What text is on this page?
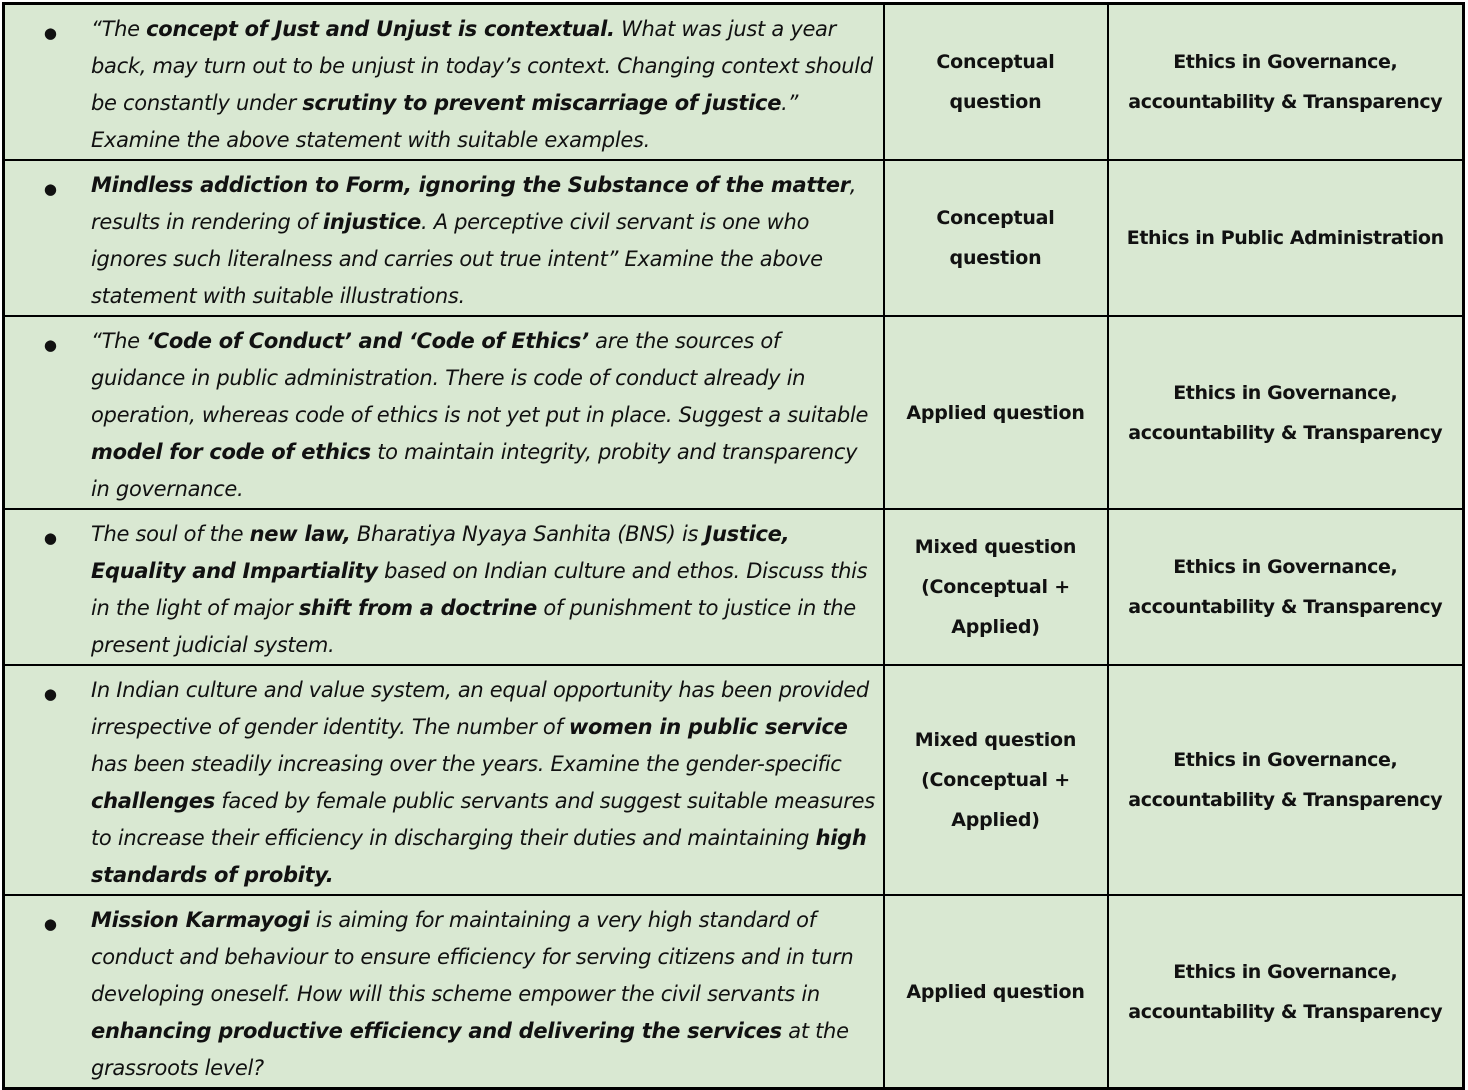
● “The concept of Just and Unjust is contextual. What was just a year back, may turn out to be unjust in today’s context. Changing context should be constantly under scrutiny to prevent miscarriage of justice.” Examine the above statement with suitable examples.	Conceptual question	Ethics in Governance, accountability & Transparency

● Mindless addiction to Form, ignoring the Substance of the matter, results in rendering of injustice. A perceptive civil servant is one who ignores such literalness and carries out true intent” Examine the above statement with suitable illustrations.	Conceptual question	Ethics in Public Administration

● “The ‘Code of Conduct’ and ‘Code of Ethics’ are the sources of guidance in public administration. There is code of conduct already in operation, whereas code of ethics is not yet put in place. Suggest a suitable model for code of ethics to maintain integrity, probity and transparency in governance.	Applied question	Ethics in Governance, accountability & Transparency

● The soul of the new law, Bharatiya Nyaya Sanhita (BNS) is Justice, Equality and Impartiality based on Indian culture and ethos. Discuss this in the light of major shift from a doctrine of punishment to justice in the present judicial system.	Mixed question (Conceptual + Applied)	Ethics in Governance, accountability & Transparency

● In Indian culture and value system, an equal opportunity has been provided irrespective of gender identity. The number of women in public service has been steadily increasing over the years. Examine the gender-specific challenges faced by female public servants and suggest suitable measures to increase their efficiency in discharging their duties and maintaining high standards of probity.	Mixed question (Conceptual + Applied)	Ethics in Governance, accountability & Transparency

● Mission Karmayogi is aiming for maintaining a very high standard of conduct and behaviour to ensure efficiency for serving citizens and in turn developing oneself. How will this scheme empower the civil servants in enhancing productive efficiency and delivering the services at the grassroots level?	Applied question	Ethics in Governance, accountability & Transparency
